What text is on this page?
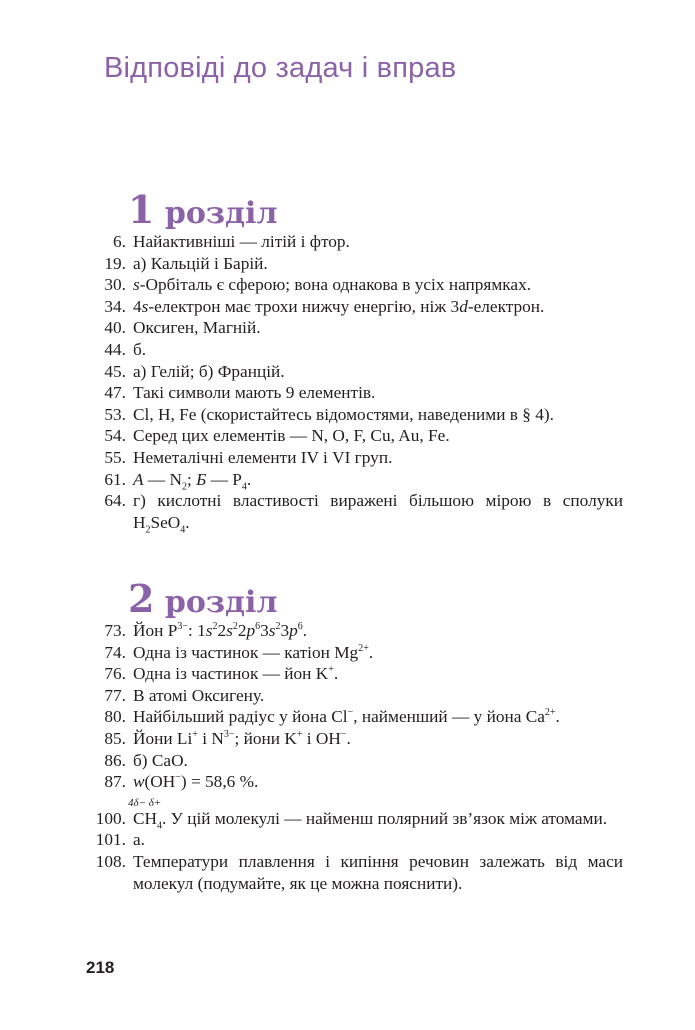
Відповіді до задач і вправ
1 розділ
6. Найактивніші — літій і фтор.
19. а) Кальцій і Барій.
30. s-Орбіталь є сферою; вона однакова в усіх напрямках.
34. 4s-електрон має трохи нижчу енергію, ніж 3d-електрон.
40. Оксиген, Магній.
44. б.
45. а) Гелій; б) Францій.
47. Такі символи мають 9 елементів.
53. Cl, H, Fe (скористайтесь відомостями, наведеними в § 4).
54. Серед цих елементів — N, O, F, Cu, Au, Fe.
55. Неметалічні елементи IV і VI груп.
61. А — $N_2$; Б — $P_4$.
64. г) кислотні властивості виражені більшою мірою в сполуки $H_2SeO_4$.
2 розділ
73. Йон $P^{3-}$: $1s^22s^22p^63s^23p^6$.
74. Одна із частинок — катіон $Mg^{2+}$.
76. Одна із частинок — йон K+.
77. В атомі Оксигену.
80. Найбільший радіус у йона Cl−, найменший — у йона $Ca^{2+}$.
85. Йони Li+ і $N^{3-}$; йони K+ і OH−.
86. б) CaO.
87. w(OH−) = 58,6 %.
100.
4δ− δ+
$CH_4$. У цій молекулі — найменш полярний зв’язок між атомами.
101. а.
108. Температури плавлення і кипіння речовин залежать від маси молекул (подумайте, як це можна пояснити).
218
